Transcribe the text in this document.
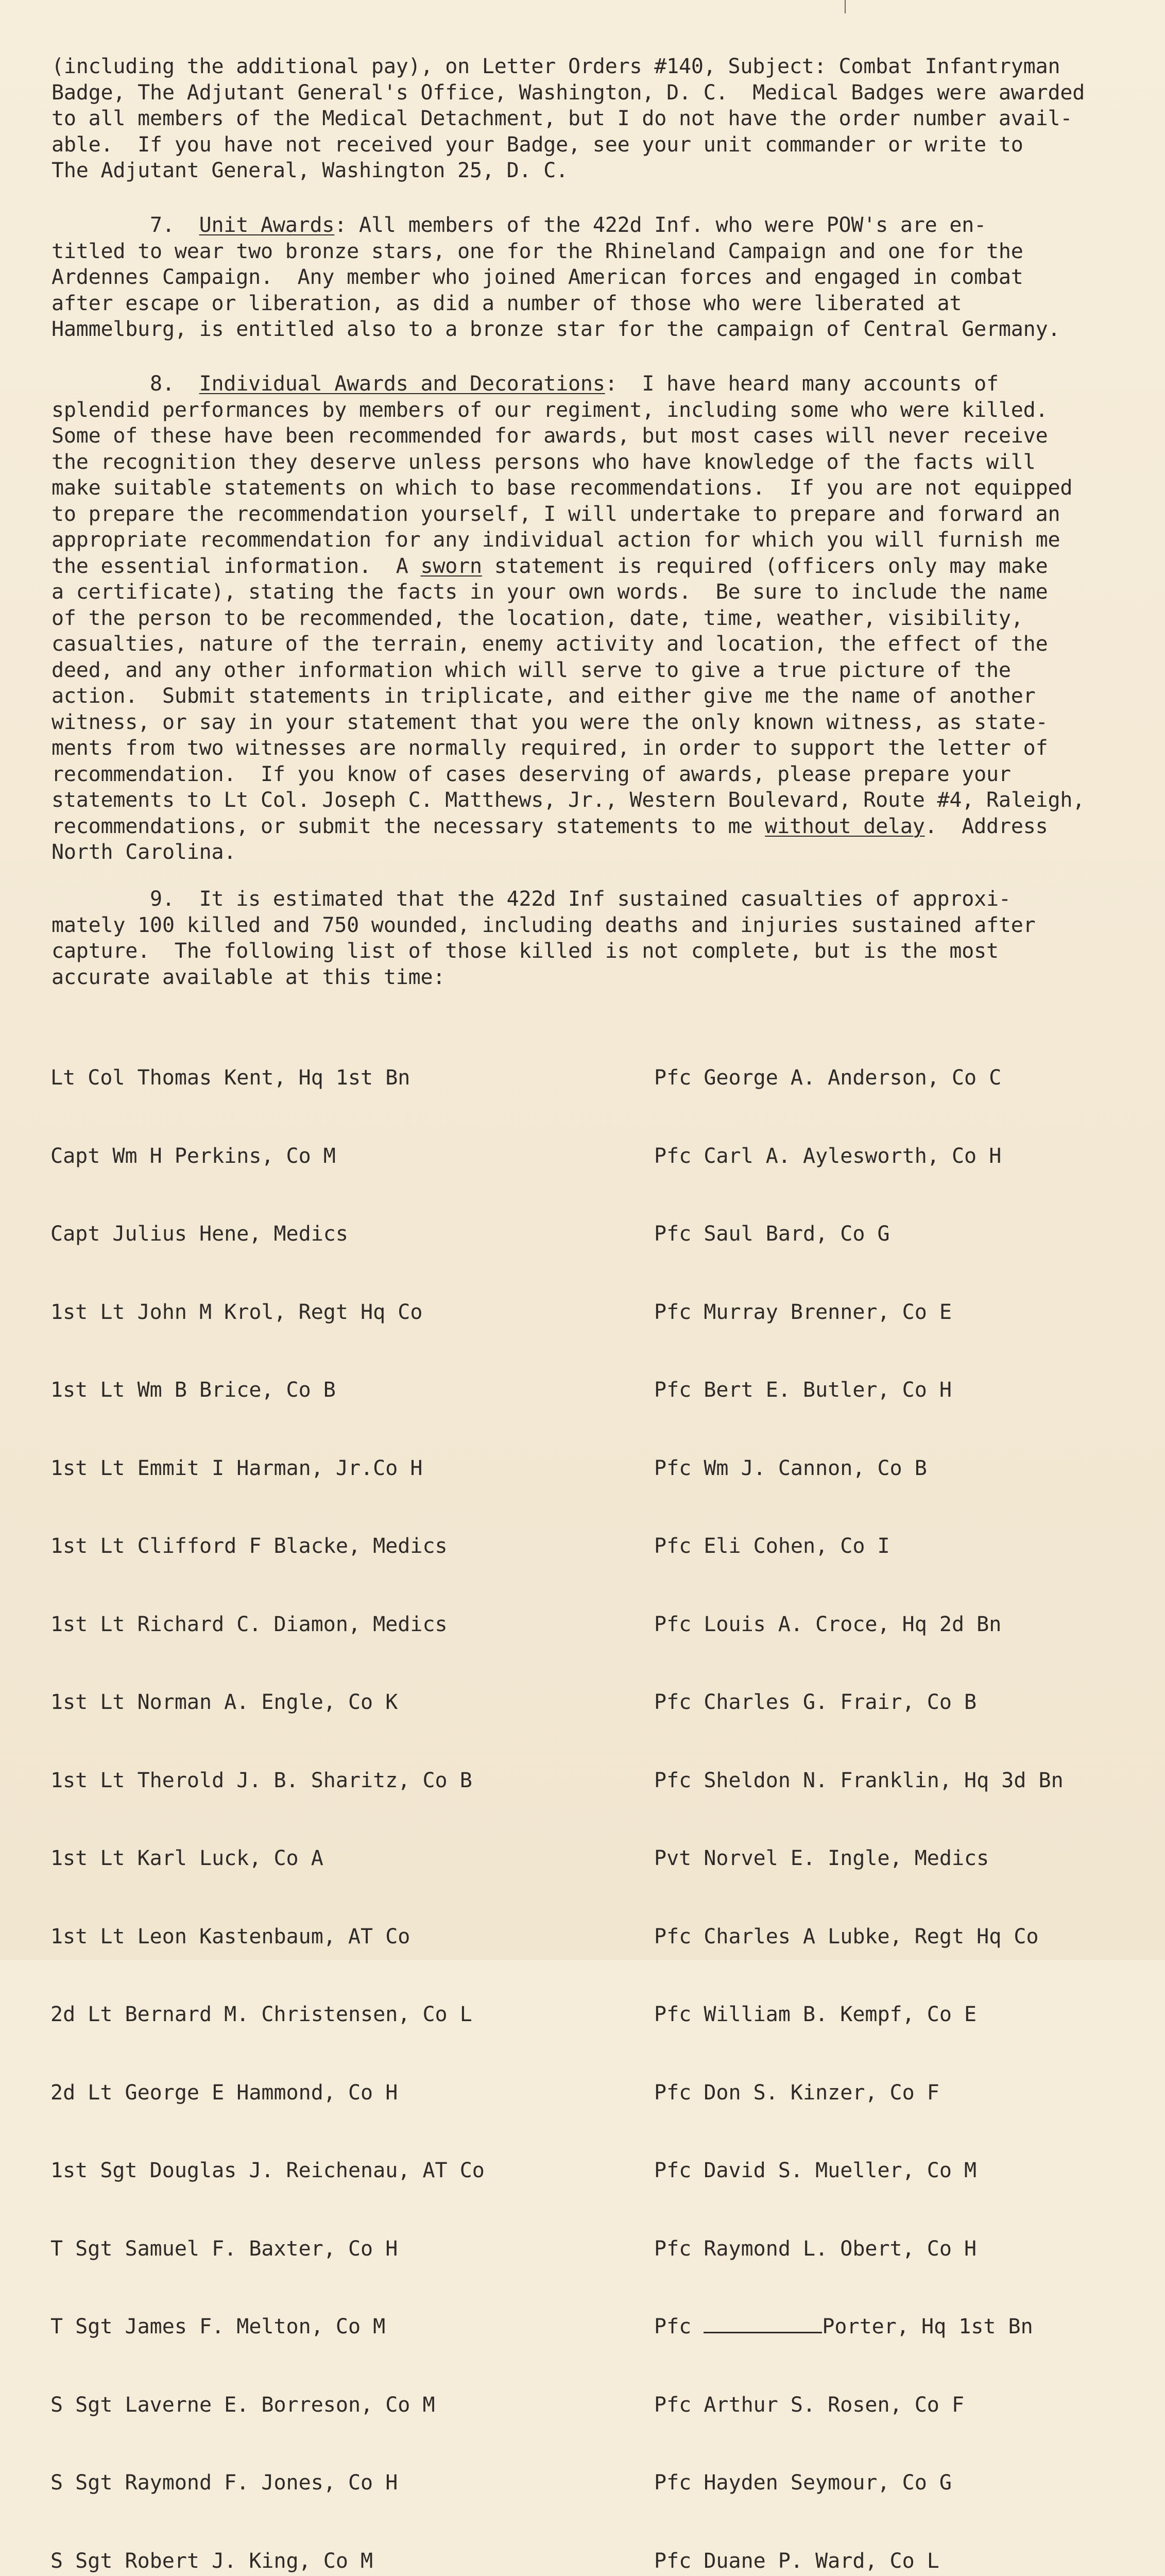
(including the additional pay), on Letter Orders #140, Subject: Combat Infantryman
Badge, The Adjutant General's Office, Washington, D. C.  Medical Badges were awarded
to all members of the Medical Detachment, but I do not have the order number avail-
able.  If you have not received your Badge, see your unit commander or write to
The Adjutant General, Washington 25, D. C.
7.  Unit Awards: All members of the 422d Inf. who were POW's are en-
titled to wear two bronze stars, one for the Rhineland Campaign and one for the
Ardennes Campaign.  Any member who joined American forces and engaged in combat
after escape or liberation, as did a number of those who were liberated at
Hammelburg, is entitled also to a bronze star for the campaign of Central Germany.
8.  Individual Awards and Decorations:  I have heard many accounts of
splendid performances by members of our regiment, including some who were killed.
Some of these have been recommended for awards, but most cases will never receive
the recognition they deserve unless persons who have knowledge of the facts will
make suitable statements on which to base recommendations.  If you are not equipped
to prepare the recommendation yourself, I will undertake to prepare and forward an
appropriate recommendation for any individual action for which you will furnish me
the essential information.  A sworn statement is required (officers only may make
a certificate), stating the facts in your own words.  Be sure to include the name
of the person to be recommended, the location, date, time, weather, visibility,
casualties, nature of the terrain, enemy activity and location, the effect of the
deed, and any other information which will serve to give a true picture of the
action.  Submit statements in triplicate, and either give me the name of another
witness, or say in your statement that you were the only known witness, as state-
ments from two witnesses are normally required, in order to support the letter of
recommendation.  If you know of cases deserving of awards, please prepare your
statements to Lt Col. Joseph C. Matthews, Jr., Western Boulevard, Route #4, Raleigh,
recommendations, or submit the necessary statements to me without delay.  Address
North Carolina.

9.  It is estimated that the 422d Inf sustained casualties of approxi-
mately 100 killed and 750 wounded, including deaths and injuries sustained after
capture.  The following list of those killed is not complete, but is the most
accurate available at this time:

Lt Col Thomas Kent, Hq 1st Bn

Capt Wm H Perkins, Co M

Capt Julius Hene, Medics

1st Lt John M Krol, Regt Hq Co

1st Lt Wm B Brice, Co B

1st Lt Emmit I Harman, Jr.Co H

1st Lt Clifford F Blacke, Medics

1st Lt Richard C. Diamon, Medics

1st Lt Norman A. Engle, Co K

1st Lt Therold J. B. Sharitz, Co B

1st Lt Karl Luck, Co A

1st Lt Leon Kastenbaum, AT Co

2d Lt Bernard M. Christensen, Co L

2d Lt George E Hammond, Co H

1st Sgt Douglas J. Reichenau, AT Co

T Sgt Samuel F. Baxter, Co H

T Sgt James F. Melton, Co M

S Sgt Laverne E. Borreson, Co M

S Sgt Raymond F. Jones, Co H

S Sgt Robert J. King, Co M

Pfc George A. Anderson, Co C

Pfc Carl A. Aylesworth, Co H

Pfc Saul Bard, Co G

Pfc Murray Brenner, Co E

Pfc Bert E. Butler, Co H

Pfc Wm J. Cannon, Co B

Pfc Eli Cohen, Co I

Pfc Louis A. Croce, Hq 2d Bn

Pfc Charles G. Frair, Co B

Pfc Sheldon N. Franklin, Hq 3d Bn

Pvt Norvel E. Ingle, Medics

Pfc Charles A Lubke, Regt Hq Co

Pfc William B. Kempf, Co E

Pfc Don S. Kinzer, Co F

Pfc David S. Mueller, Co M

Pfc Raymond L. Obert, Co H

Pfc	Porter, Hq 1st Bn

Pfc Arthur S. Rosen, Co F

Pfc Hayden Seymour, Co G

Pfc Duane P. Ward, Co L
